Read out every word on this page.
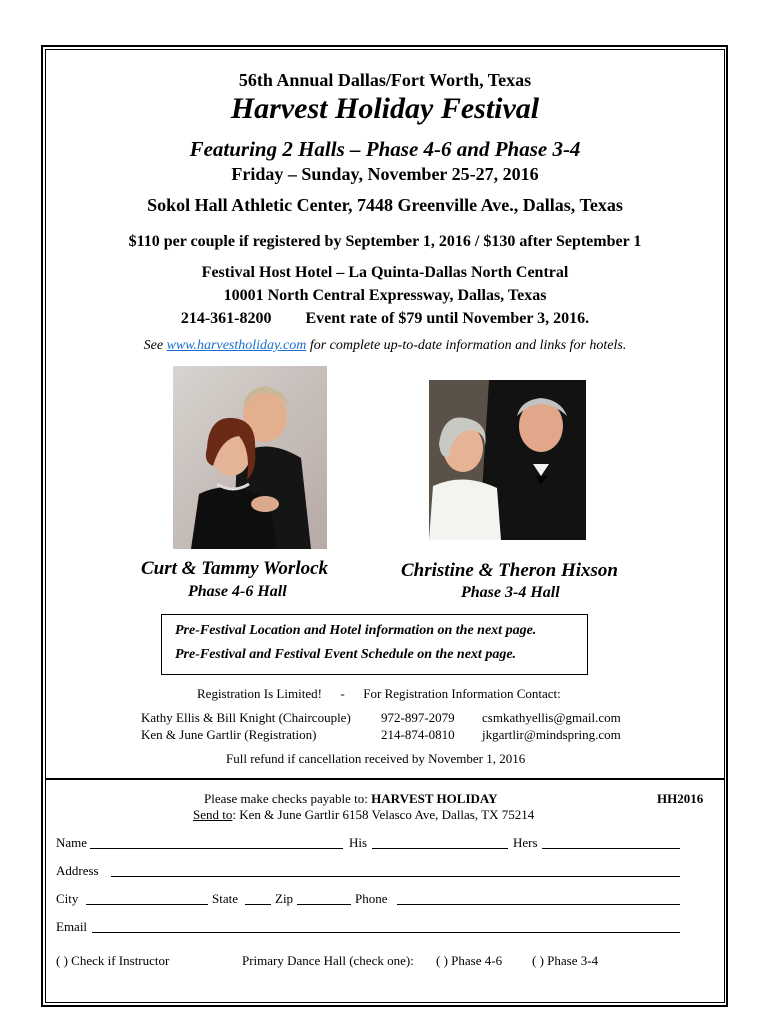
56th Annual Dallas/Fort Worth, Texas
Harvest Holiday Festival
Featuring 2 Halls – Phase 4-6 and Phase 3-4
Friday – Sunday, November 25-27, 2016
Sokol Hall Athletic Center, 7448 Greenville Ave., Dallas, Texas
$110 per couple if registered by September 1, 2016 / $130 after September 1
Festival Host Hotel – La Quinta-Dallas North Central
10001 North Central Expressway, Dallas, Texas
214-361-8200 Event rate of $79 until November 3, 2016.
See www.harvestholiday.com for complete up-to-date information and links for hotels.
Curt & Tammy Worlock
Phase 4-6 Hall
Christine & Theron Hixson
Phase 3-4 Hall
Pre-Festival Location and Hotel information on the next page.
Pre-Festival and Festival Event Schedule on the next page.
Registration Is Limited! - For Registration Information Contact:
Kathy Ellis & Bill Knight (Chaircouple) 972-897-2079 csmkathyellis@gmail.com
Ken & June Gartlir (Registration)	214-874-0810 jkgartlir@mindspring.com
Full refund if cancellation received by November 1, 2016
Please make checks payable to: HARVEST HOLIDAY	HH2016
Send to: Ken & June Gartlir 6158 Velasco Ave, Dallas, TX 75214
Name	His	Hers
Address
City	State	Zip	Phone
Email
( ) Check if Instructor	Primary Dance Hall (check one): ( ) Phase 4-6 ( ) Phase 3-4
